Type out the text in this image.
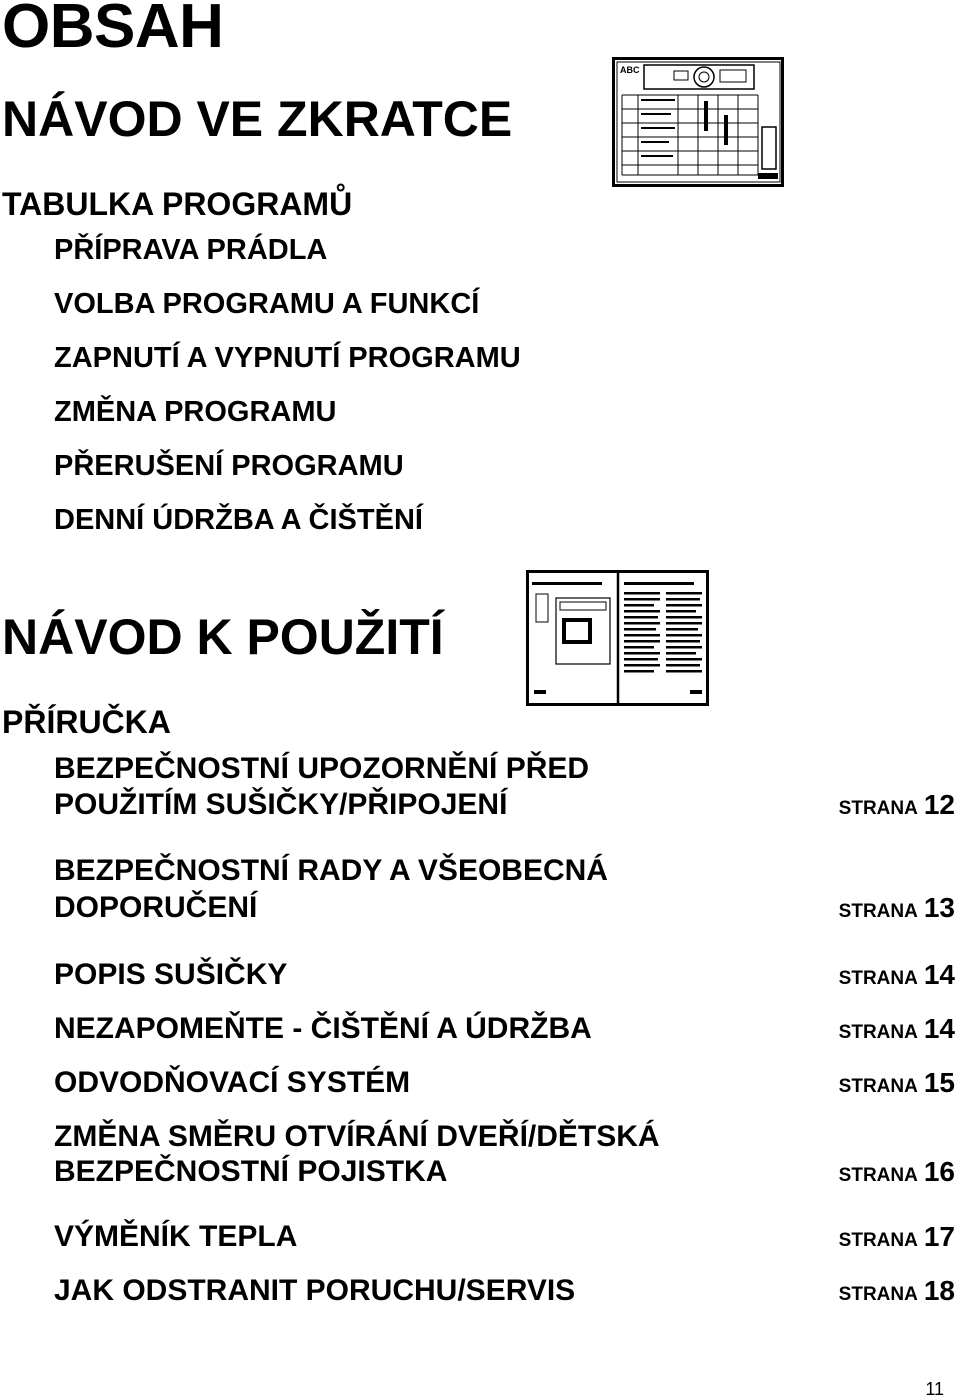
OBSAH
NÁVOD VE ZKRATCE
TABULKA PROGRAMŮ
PŘÍPRAVA PRÁDLA
VOLBA PROGRAMU A FUNKCÍ
ZAPNUTÍ A VYPNUTÍ PROGRAMU
ZMĚNA PROGRAMU
PŘERUŠENÍ PROGRAMU
DENNÍ ÚDRŽBA A ČIŠTĚNÍ
ABC
NÁVOD K POUŽITÍ
PŘÍRUČKA
BEZPEČNOSTNÍ UPOZORNĚNÍ PŘED
POUŽITÍM SUŠIČKY/PŘIPOJENÍ	STRANA 12
BEZPEČNOSTNÍ RADY A VŠEOBECNÁ
DOPORUČENÍ	STRANA 13
POPIS SUŠIČKY	STRANA 14
NEZAPOMEŇTE - ČIŠTĚNÍ A ÚDRŽBA	STRANA 14
ODVODŇOVACÍ SYSTÉM	STRANA 15
ZMĚNA SMĚRU OTVÍRÁNÍ DVEŘÍ/DĚTSKÁ
BEZPEČNOSTNÍ POJISTKA	STRANA 16
VÝMĚNÍK TEPLA	STRANA 17
JAK ODSTRANIT PORUCHU/SERVIS	STRANA 18
11
